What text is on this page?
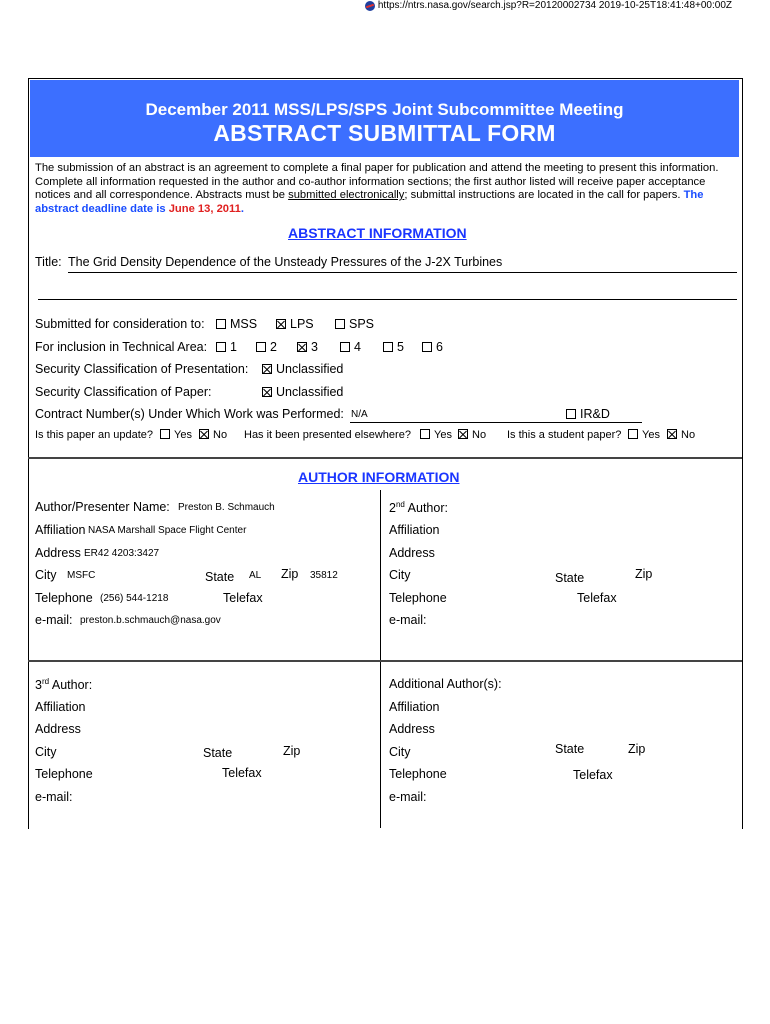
https://ntrs.nasa.gov/search.jsp?R=20120002734 2019-10-25T18:41:48+00:00Z
December 2011 MSS/LPS/SPS Joint Subcommittee Meeting
ABSTRACT SUBMITTAL FORM
The submission of an abstract is an agreement to complete a final paper for publication and attend the meeting to present this information. Complete all information requested in the author and co-author information sections; the first author listed will receive paper acceptance notices and all correspondence. Abstracts must be submitted electronically; submittal instructions are located in the call for papers. The abstract deadline date is June 13, 2011.
ABSTRACT INFORMATION
Title: The Grid Density Dependence of the Unsteady Pressures of the J-2X Turbines
Submitted for consideration to:	MSS	LPS	SPS
For inclusion in Technical Area:	1	2	3	4	5	6
Security Classification of Presentation:	Unclassified
Security Classification of Paper:	Unclassified
Contract Number(s) Under Which Work was Performed: N/A	IR&D
Is this paper an update?	Yes	No Has it been presented elsewhere?	Yes	No Is this a student paper?	Yes	No
AUTHOR INFORMATION
Author/Presenter Name: Preston B. Schmauch
Affiliation NASA Marshall Space Flight Center
Address ER42 4203:3427
City MSFC	State AL Zip 35812
Telephone (256) 544-1218	Telefax
e-mail: preston.b.schmauch@nasa.gov
2nd Author:
Affiliation
Address
City	State	Zip
Telephone	Telefax
e-mail:
3rd Author:
Affiliation
Address
City	State	Zip
Telephone	Telefax
e-mail:
Additional Author(s):
Affiliation
Address
City	State	Zip
Telephone	Telefax
e-mail:
